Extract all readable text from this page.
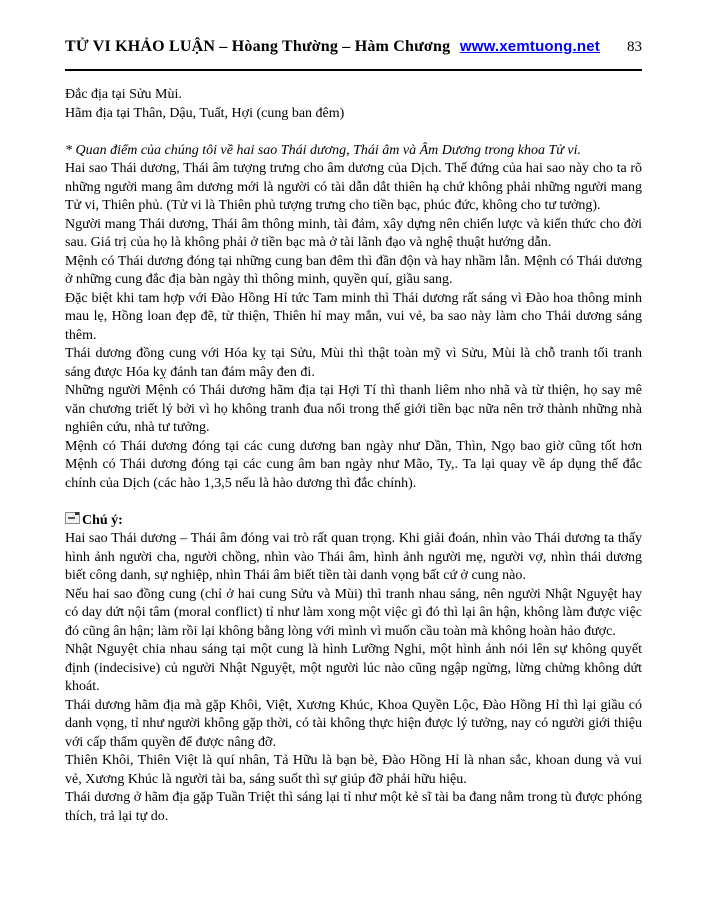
TỬ VI KHẢO LUẬN – Hòang Thường – Hàm Chương www.xemtuong.net 83

Đắc địa tại Sửu Mùi.

Hãm địa tại Thân, Dậu, Tuất, Hợi (cung ban đêm)

* Quan điểm của chúng tôi về hai sao Thái dương, Thái âm và Âm Dương trong khoa Tử vi.

Hai sao Thái dương, Thái âm tượng trưng cho âm dương của Dịch. Thế đứng của hai sao này cho ta rõ những người mang âm dương mới là người có tài dẫn dắt thiên hạ chứ không phải những người mang Tử vi, Thiên phủ. (Tử vi là Thiên phủ tượng trưng cho tiền bạc, phúc đức, không cho tư tưởng).

Người mang Thái dương, Thái âm thông minh, tài đảm, xây dựng nên chiến lược và kiến thức cho đời sau. Giá trị của họ là không phải ở tiền bạc mà ở tài lãnh đạo và nghệ thuật hướng dẫn.

Mệnh có Thái dương đóng tại những cung ban đêm thì đần độn và hay nhầm lẫn. Mệnh có Thái dương ở những cung đắc địa bàn ngày thì thông minh, quyền quí, giầu sang.

Đặc biệt khi tam hợp với Đào Hồng Hỉ tức Tam minh thì Thái dương rất sáng vì Đào hoa thông minh mau lẹ, Hồng loan đẹp đẽ, từ thiện, Thiên hỉ may mắn, vui vẻ, ba sao này làm cho Thái dương sáng thêm.

Thái dương đồng cung với Hóa kỵ tại Sửu, Mùi thì thật toàn mỹ vì Sửu, Mùi là chỗ tranh tối tranh sáng được Hóa kỵ đánh tan đám mây đen đi.

Những người Mệnh có Thái dương hãm địa tại Hợi Tí thì thanh liêm nho nhã và từ thiện, họ say mê văn chương triết lý bởi vì họ không tranh đua nổi trong thế giới tiền bạc nữa nên trở thành những nhà nghiên cứu, nhà tư tưởng.

Mệnh có Thái dương đóng tại các cung dương ban ngày như Dần, Thìn, Ngọ bao giờ cũng tốt hơn Mệnh có Thái dương đóng tại các cung âm ban ngày như Mão, Ty,. Ta lại quay về áp dụng thế đắc chính của Dịch (các hào 1,3,5 nếu là hào dương thì đắc chính).

Chú ý:

Hai sao Thái dương – Thái âm đóng vai trò rất quan trọng. Khi giải đoán, nhìn vào Thái dương ta thấy hình ảnh người cha, người chồng, nhìn vào Thái âm, hình ảnh người mẹ, người vợ, nhìn thái dương biết công danh, sự nghiệp, nhìn Thái âm biết tiền tài danh vọng bất cứ ở cung nào.

Nếu hai sao đồng cung (chỉ ở hai cung Sửu và Mùi) thì tranh nhau sáng, nên người Nhật Nguyệt hay có day dứt nội tâm (moral conflict) tỉ như làm xong một việc gì đó thì lại ân hận, không làm được việc đó cũng ân hận; làm rồi lại không bằng lòng với mình vì muốn cầu toàn mà không hoàn hảo được.

Nhật Nguyệt chia nhau sáng tại một cung là hình Lưỡng Nghi, một hình ảnh nói lên sự không quyết định (indecisive) củ người Nhật Nguyệt, một người lúc nào cũng ngập ngừng, lừng chừng không dứt khoát.

Thái dương hãm địa mà gặp Khôi, Việt, Xương Khúc, Khoa Quyền Lộc, Đào Hồng Hỉ thì lại giầu có danh vọng, tỉ như người không gặp thời, có tài không thực hiện được lý tưởng, nay có người giới thiệu với cấp thẩm quyền để được nâng đỡ.

Thiên Khôi, Thiên Việt là quí nhân, Tả Hữu là bạn bè, Đào Hồng Hỉ là nhan sắc, khoan dung và vui vẻ, Xương Khúc là người tài ba, sáng suốt thì sự giúp đỡ phải hữu hiệu.

Thái dương ở hãm địa gặp Tuần Triệt thì sáng lại tỉ như một kẻ sĩ tài ba đang nằm trong tù được phóng thích, trả lại tự do.
